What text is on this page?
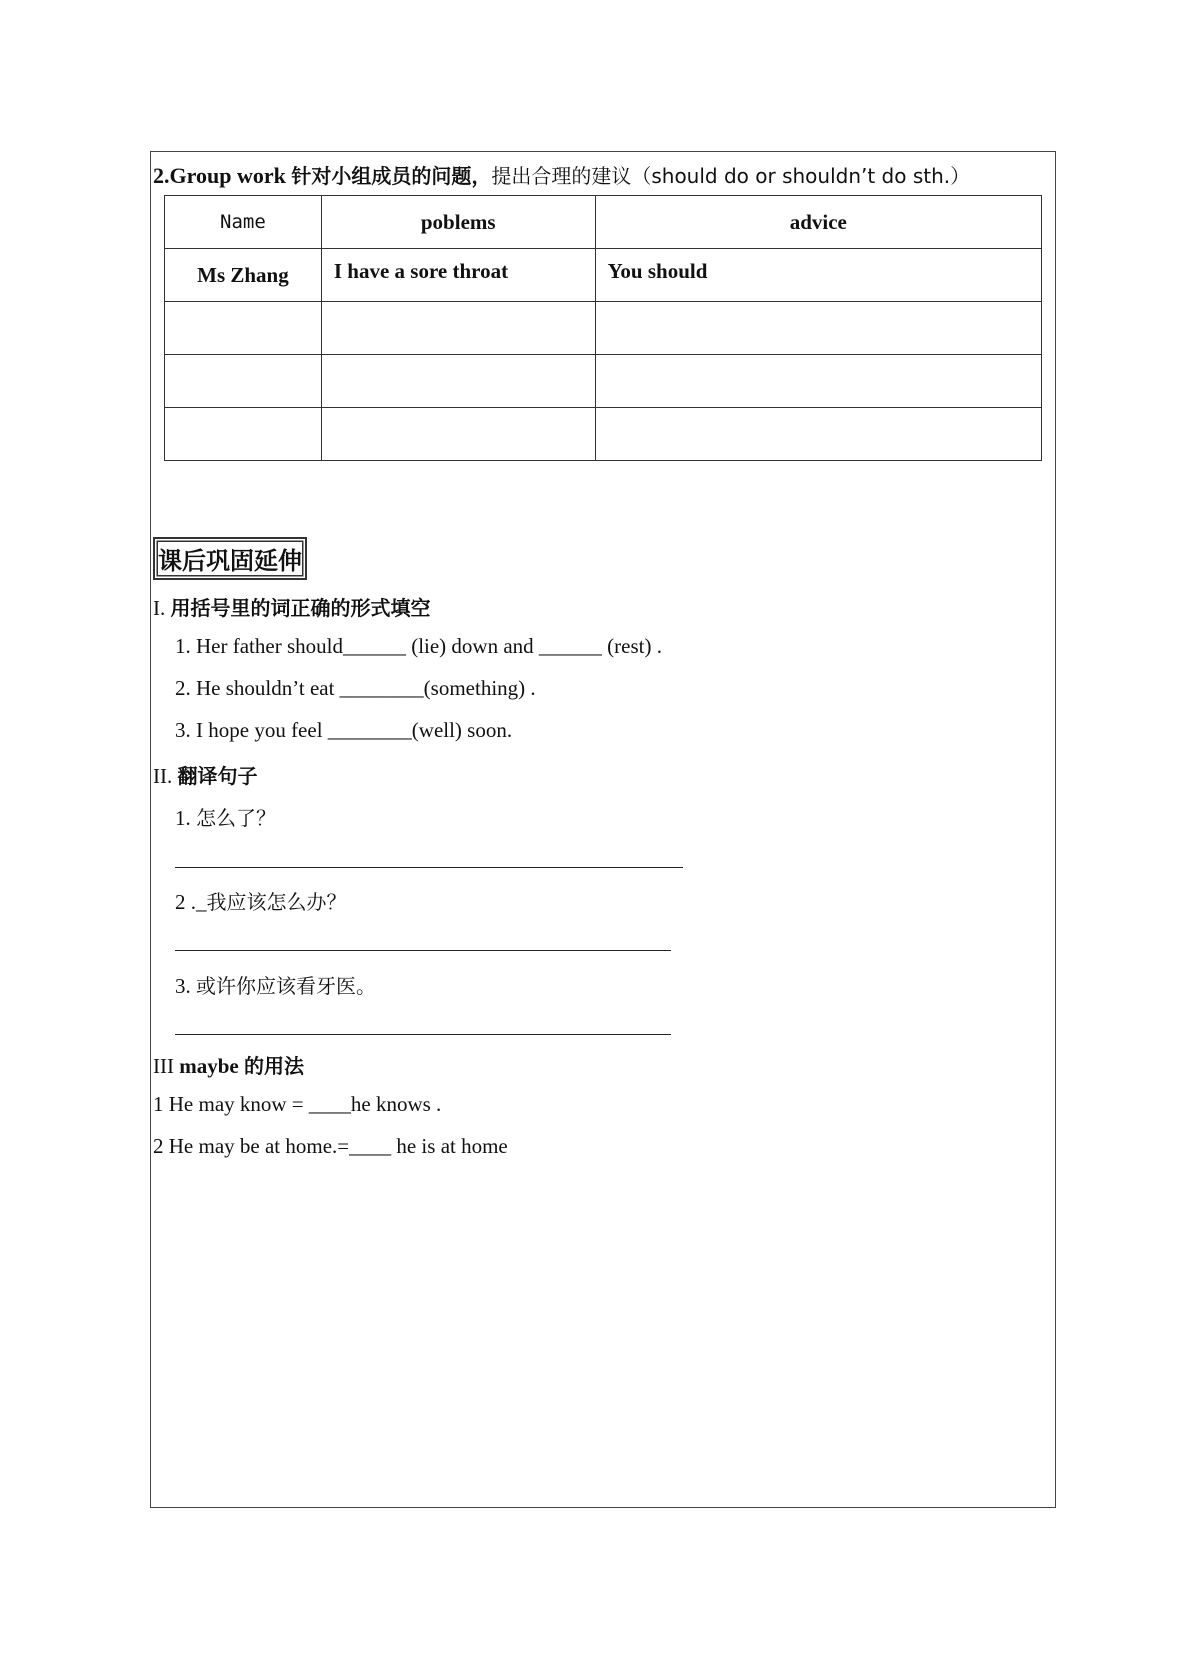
2.Group work 针对小组成员的问题，提出合理的建议（should do or shouldn’t do sth.）
Name	poblems	advice
Ms Zhang	I have a sore throat	You should

课后巩固延伸
I. 用括号里的词正确的形式填空
1. Her father should______ (lie) down and ______ (rest) .
2. He shouldn’t eat ________(something) .
3. I hope you feel ________(well) soon.
II. 翻译句子
1. 怎么了？
2 ._我应该怎么办？
3. 或许你应该看牙医。
III maybe 的用法
1 He may know = ____he knows .
2 He may be at home.=____ he is at home
